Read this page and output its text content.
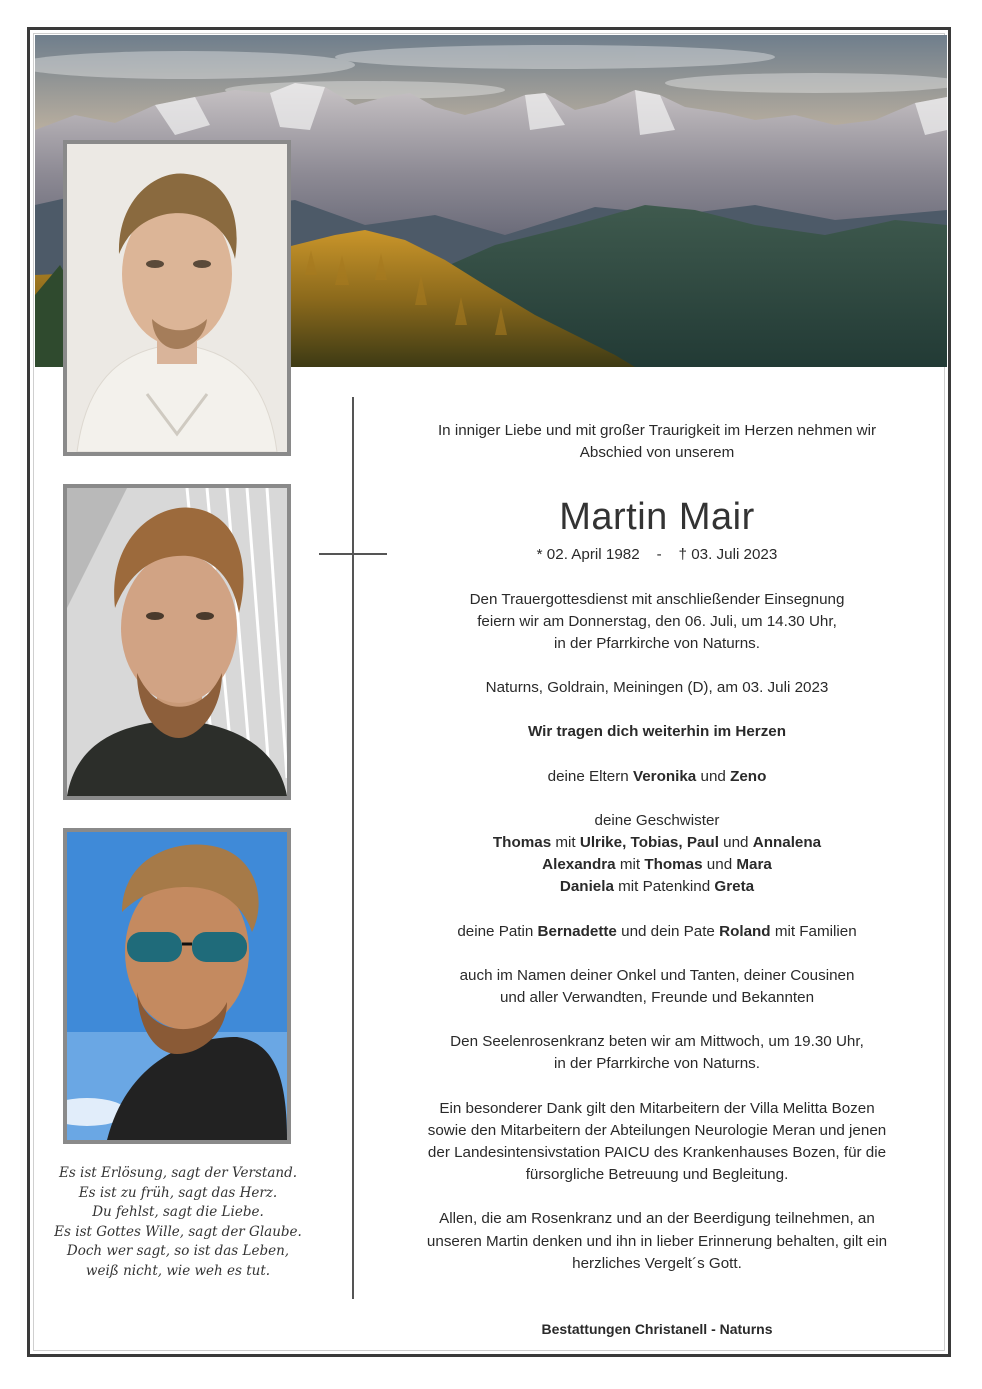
Es ist Erlösung, sagt der Verstand.
Es ist zu früh, sagt das Herz.
Du fehlst, sagt die Liebe.
Es ist Gottes Wille, sagt der Glaube.
Doch wer sagt, so ist das Leben,
weiß nicht, wie weh es tut.

In inniger Liebe und mit großer Traurigkeit im Herzen nehmen wir

Abschied von unserem

Martin Mair

* 02. April 1982 - † 03. Juli 2023

Den Trauergottesdienst mit anschließender Einsegnung

feiern wir am Donnerstag, den 06. Juli, um 14.30 Uhr,

in der Pfarrkirche von Naturns.

Naturns, Goldrain, Meiningen (D), am 03. Juli 2023

Wir tragen dich weiterhin im Herzen

deine Eltern Veronika und Zeno

deine Geschwister

Thomas mit Ulrike, Tobias, Paul und Annalena

Alexandra mit Thomas und Mara

Daniela mit Patenkind Greta

deine Patin Bernadette und dein Pate Roland mit Familien

auch im Namen deiner Onkel und Tanten, deiner Cousinen

und aller Verwandten, Freunde und Bekannten

Den Seelenrosenkranz beten wir am Mittwoch, um 19.30 Uhr,

in der Pfarrkirche von Naturns.

Ein besonderer Dank gilt den Mitarbeitern der Villa Melitta Bozen

sowie den Mitarbeitern der Abteilungen Neurologie Meran und jenen

der Landesintensivstation PAICU des Krankenhauses Bozen, für die

fürsorgliche Betreuung und Begleitung.

Allen, die am Rosenkranz und an der Beerdigung teilnehmen, an

unseren Martin denken und ihn in lieber Erinnerung behalten, gilt ein

herzliches Vergelt´s Gott.

Bestattungen Christanell - Naturns
